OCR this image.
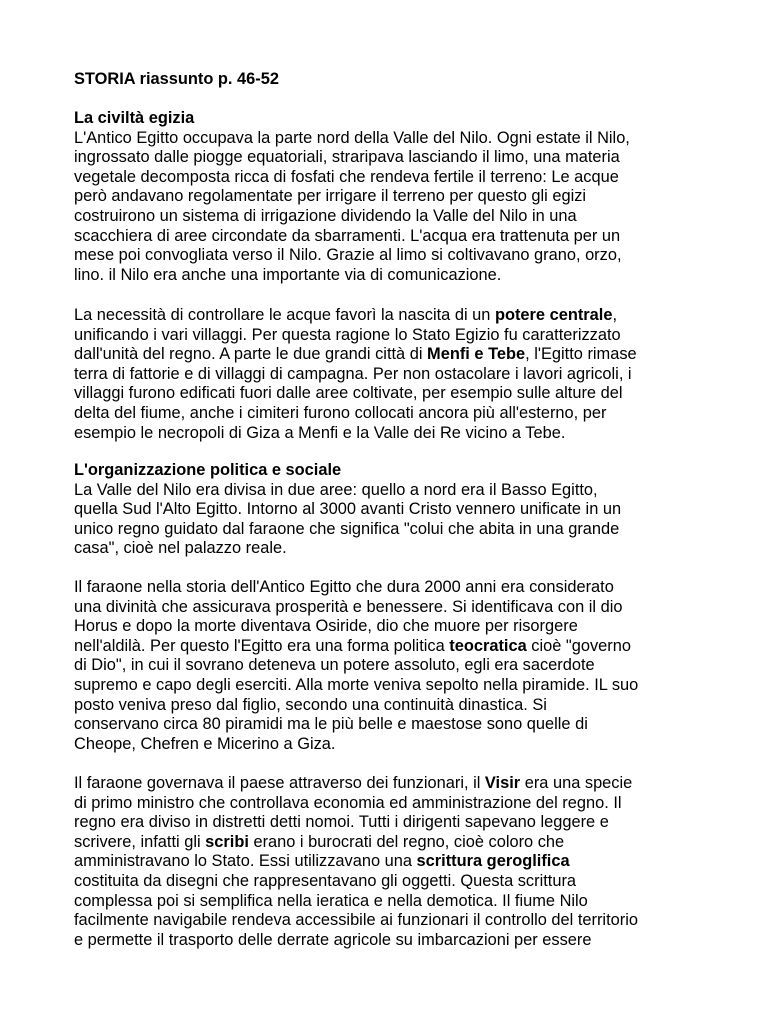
STORIA riassunto p. 46-52
La civiltà egizia
L'Antico Egitto occupava la parte nord della Valle del Nilo. Ogni estate il Nilo,
ingrossato dalle piogge equatoriali, straripava lasciando il limo, una materia
vegetale decomposta ricca di fosfati che rendeva fertile il terreno: Le acque
però andavano regolamentate per irrigare il terreno per questo gli egizi
costruirono un sistema di irrigazione dividendo la Valle del Nilo in una
scacchiera di aree circondate da sbarramenti. L'acqua era trattenuta per un
mese poi convogliata verso il Nilo. Grazie al limo si coltivavano grano, orzo,
lino. il Nilo era anche una importante via di comunicazione.
La necessità di controllare le acque favorì la nascita di un potere centrale,
unificando i vari villaggi. Per questa ragione lo Stato Egizio fu caratterizzato
dall'unità del regno. A parte le due grandi città di Menfi e Tebe, l'Egitto rimase
terra di fattorie e di villaggi di campagna. Per non ostacolare i lavori agricoli, i
villaggi furono edificati fuori dalle aree coltivate, per esempio sulle alture del
delta del fiume, anche i cimiteri furono collocati ancora più all'esterno, per
esempio le necropoli di Giza a Menfi e la Valle dei Re vicino a Tebe.
L'organizzazione politica e sociale
La Valle del Nilo era divisa in due aree: quello a nord era il Basso Egitto,
quella Sud l'Alto Egitto. Intorno al 3000 avanti Cristo vennero unificate in un
unico regno guidato dal faraone che significa "colui che abita in una grande
casa", cioè nel palazzo reale.
Il faraone nella storia dell'Antico Egitto che dura 2000 anni era considerato
una divinità che assicurava prosperità e benessere. Si identificava con il dio
Horus e dopo la morte diventava Osiride, dio che muore per risorgere
nell'aldilà. Per questo l'Egitto era una forma politica teocratica cioè "governo
di Dio", in cui il sovrano deteneva un potere assoluto, egli era sacerdote
supremo e capo degli eserciti. Alla morte veniva sepolto nella piramide. IL suo
posto veniva preso dal figlio, secondo una continuità dinastica. Si
conservano circa 80 piramidi ma le più belle e maestose sono quelle di
Cheope, Chefren e Micerino a Giza.
Il faraone governava il paese attraverso dei funzionari, il Visir era una specie
di primo ministro che controllava economia ed amministrazione del regno. Il
regno era diviso in distretti detti nomoi. Tutti i dirigenti sapevano leggere e
scrivere, infatti gli scribi erano i burocrati del regno, cioè coloro che
amministravano lo Stato. Essi utilizzavano una scrittura geroglifica
costituita da disegni che rappresentavano gli oggetti. Questa scrittura
complessa poi si semplifica nella ieratica e nella demotica. Il fiume Nilo
facilmente navigabile rendeva accessibile ai funzionari il controllo del territorio
e permette il trasporto delle derrate agricole su imbarcazioni per essere
